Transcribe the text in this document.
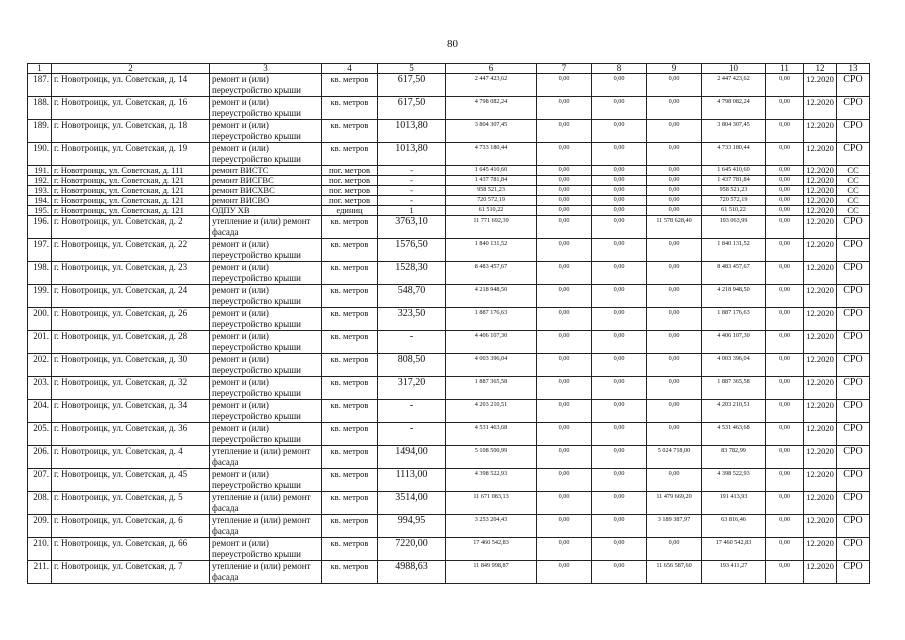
80
1	2	3	4	5	6	7	8	9	10	11	12	13
187.	г. Новотроицк, ул. Советская, д. 14	ремонт и (или) переустройство крыши	кв. метров	617,50	2 447 423,62	0,00	0,00	0,00	2 447 423,62	0,00	12.2020	СРО
188.	г. Новотроицк, ул. Советская, д. 16	ремонт и (или) переустройство крыши	кв. метров	617,50	4 798 082,24	0,00	0,00	0,00	4 798 082,24	0,00	12.2020	СРО
189.	г. Новотроицк, ул. Советская, д. 18	ремонт и (или) переустройство крыши	кв. метров	1013,80	3 804 307,45	0,00	0,00	0,00	3 804 307,45	0,00	12.2020	СРО
190.	г. Новотроицк, ул. Советская, д. 19	ремонт и (или) переустройство крыши	кв. метров	1013,80	4 733 180,44	0,00	0,00	0,00	4 733 180,44	0,00	12.2020	СРО
191.	г. Новотроицк, ул. Советская, д. 111	ремонт ВИСТС	пог. метров	-	1 645 410,60	0,00	0,00	0,00	1 645 410,60	0,00	12.2020	СС
192.	г. Новотроицк, ул. Советская, д. 121	ремонт ВИСГВС	пог. метров	-	1 437 781,84	0,00	0,00	0,00	1 437 781,84	0,00	12.2020	СС
193.	г. Новотроицк, ул. Советская, д. 121	ремонт ВИСХВС	пог. метров	-	958 521,23	0,00	0,00	0,00	958 521,23	0,00	12.2020	СС
194.	г. Новотроицк, ул. Советская, д. 121	ремонт ВИСВО	пог. метров	-	720 572,19	0,00	0,00	0,00	720 572,19	0,00	12.2020	СС
195.	г. Новотроицк, ул. Советская, д. 121	ОДПУ ХВ	единиц	1	61 510,22	0,00	0,00	0,00	61 510,22	0,00	12.2020	СС
196.	г. Новотроицк, ул. Советская, д. 2	утепление и (или) ремонт фасада	кв. метров	3763,10	11 771 692,39	0,00	0,00	11 578 628,40	193 063,99	0,00	12.2020	СРО
197.	г. Новотроицк, ул. Советская, д. 22	ремонт и (или) переустройство крыши	кв. метров	1576,50	1 840 131,52	0,00	0,00	0,00	1 840 131,52	0,00	12.2020	СРО
198.	г. Новотроицк, ул. Советская, д. 23	ремонт и (или) переустройство крыши	кв. метров	1528,30	8 483 457,67	0,00	0,00	0,00	8 483 457,67	0,00	12.2020	СРО
199.	г. Новотроицк, ул. Советская, д. 24	ремонт и (или) переустройство крыши	кв. метров	548,70	4 218 948,50	0,00	0,00	0,00	4 218 948,50	0,00	12.2020	СРО
200.	г. Новотроицк, ул. Советская, д. 26	ремонт и (или) переустройство крыши	кв. метров	323,50	1 887 176,63	0,00	0,00	0,00	1 887 176,63	0,00	12.2020	СРО
201.	г. Новотроицк, ул. Советская, д. 28	ремонт и (или) переустройство крыши	кв. метров	-	4 406 107,30	0,00	0,00	0,00	4 406 107,30	0,00	12.2020	СРО
202.	г. Новотроицк, ул. Советская, д. 30	ремонт и (или) переустройство крыши	кв. метров	808,50	4 003 396,04	0,00	0,00	0,00	4 003 396,04	0,00	12.2020	СРО
203.	г. Новотроицк, ул. Советская, д. 32	ремонт и (или) переустройство крыши	кв. метров	317,20	1 887 365,58	0,00	0,00	0,00	1 887 365,58	0,00	12.2020	СРО
204.	г. Новотроицк, ул. Советская, д. 34	ремонт и (или) переустройство крыши	кв. метров	-	4 203 210,51	0,00	0,00	0,00	4 203 210,51	0,00	12.2020	СРО
205.	г. Новотроицк, ул. Советская, д. 36	ремонт и (или) переустройство крыши	кв. метров	-	4 531 463,68	0,00	0,00	0,00	4 531 463,68	0,00	12.2020	СРО
206.	г. Новотроицк, ул. Советская, д. 4	утепление и (или) ремонт фасада	кв. метров	1494,00	5 108 500,99	0,00	0,00	5 024 718,00	83 782,99	0,00	12.2020	СРО
207.	г. Новотроицк, ул. Советская, д. 45	ремонт и (или) переустройство крыши	кв. метров	1113,00	4 398 522,93	0,00	0,00	0,00	4 398 522,93	0,00	12.2020	СРО
208.	г. Новотроицк, ул. Советская, д. 5	утепление и (или) ремонт фасада	кв. метров	3514,00	11 671 083,13	0,00	0,00	11 479 669,20	191 413,93	0,00	12.2020	СРО
209.	г. Новотроицк, ул. Советская, д. 6	утепление и (или) ремонт фасада	кв. метров	994,95	3 253 204,43	0,00	0,00	3 189 387,97	63 816,46	0,00	12.2020	СРО
210.	г. Новотроицк, ул. Советская, д. 66	ремонт и (или) переустройство крыши	кв. метров	7220,00	17 460 542,83	0,00	0,00	0,00	17 460 542,83	0,00	12.2020	СРО
211.	г. Новотроицк, ул. Советская, д. 7	утепление и (или) ремонт фасада	кв. метров	4988,63	11 849 998,87	0,00	0,00	11 656 587,60	193 411,27	0,00	12.2020	СРО
